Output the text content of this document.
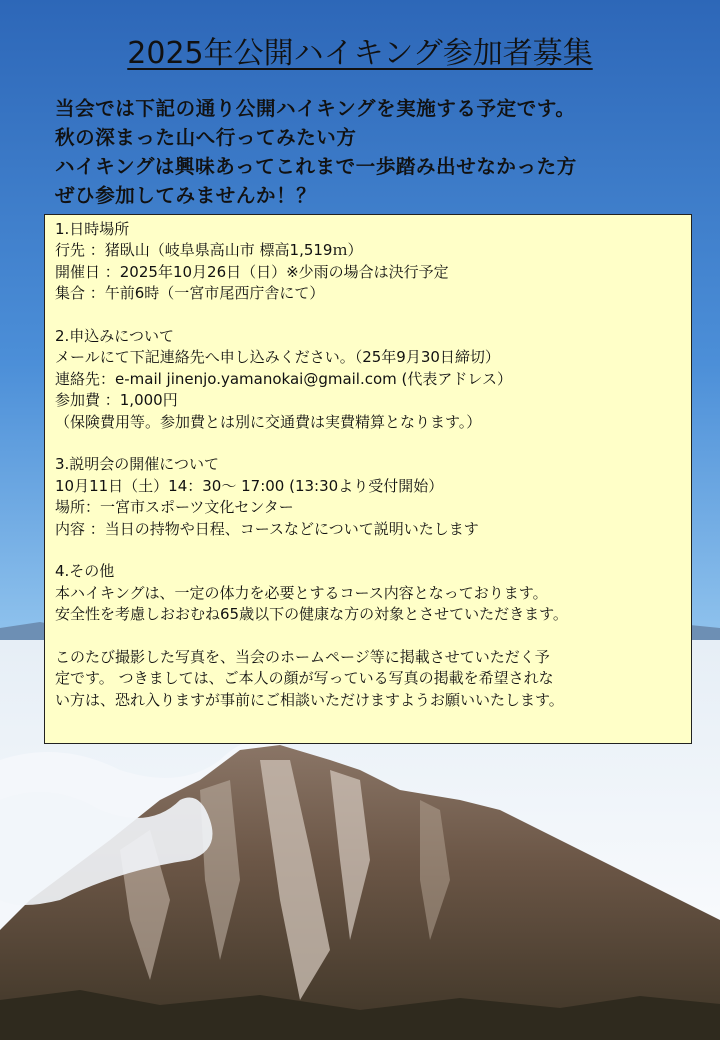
2025年公開ハイキング参加者募集
当会では下記の通り公開ハイキングを実施する予定です。
秋の深まった山へ行ってみたい方
ハイキングは興味あってこれまで一歩踏み出せなかった方
ぜひ参加してみませんか！？
1.日時場所
行先 ：猪臥山（岐阜県高山市 標高1,519ｍ）
開催日 ：2025年10月26日（日）※少雨の場合は決行予定
集合 ：午前6時（一宮市尾西庁舎にて）
2.申込みについて
メールにて下記連絡先へ申し込みください。（25年9月30日締切）
連絡先：e-mail jinenjo.yamanokai@gmail.com (代表アドレス）
参加費 ：1,000円
（保険費用等。参加費とは別に交通費は実費精算となります。）
3.説明会の開催について
10月11日（土）14：30～ 17:00 (13:30より受付開始）
場所：一宮市スポーツ文化センター
内容 ：当日の持物や日程、コースなどについて説明いたします
4.その他
本ハイキングは、一定の体力を必要とするコース内容となっております。
安全性を考慮しおおむね65歳以下の健康な方の対象とさせていただきます。
このたび撮影した写真を、当会のホームページ等に掲載させていただく予
定です。 つきましては、ご本人の顔が写っている写真の掲載を希望されな
い方は、恐れ入りますが事前にご相談いただけますようお願いいたします。
